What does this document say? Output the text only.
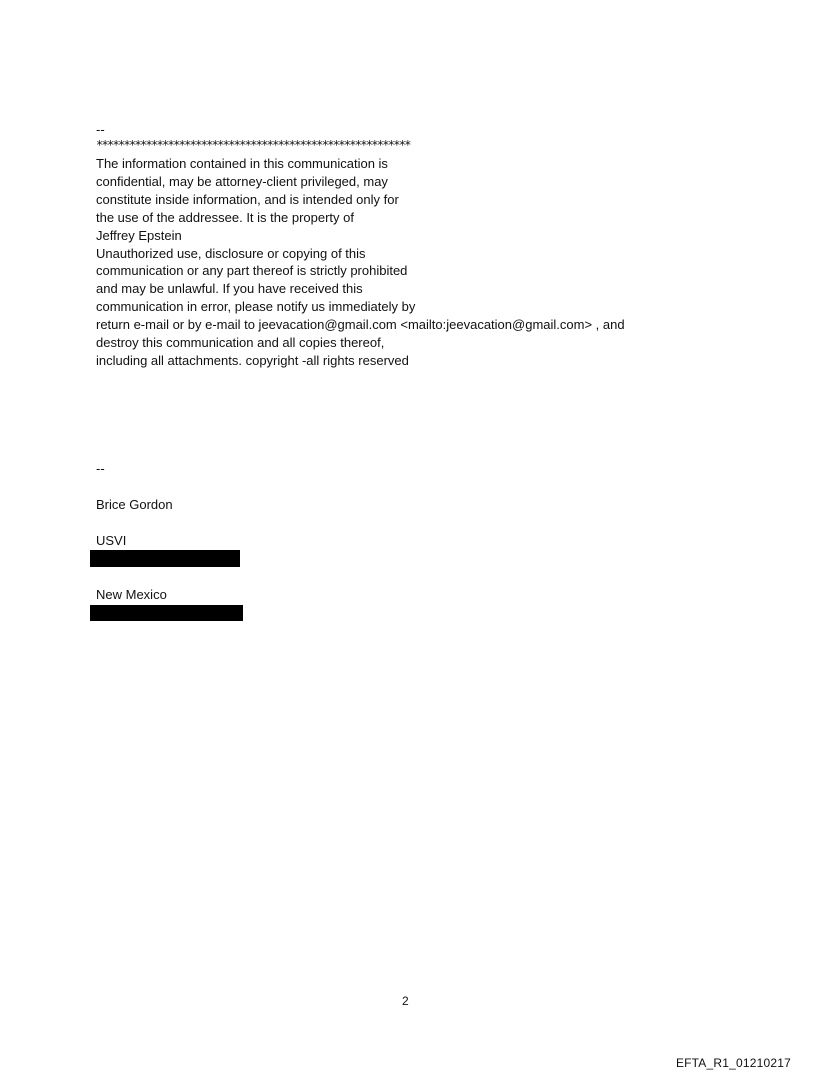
--
*********************************************************
The information contained in this communication is
confidential, may be attorney-client privileged, may
constitute inside information, and is intended only for
the use of the addressee. It is the property of
Jeffrey Epstein
Unauthorized use, disclosure or copying of this
communication or any part thereof is strictly prohibited
and may be unlawful. If you have received this
communication in error, please notify us immediately by
return e-mail or by e-mail to jeevacation@gmail.com <mailto:jeevacation@gmail.com> , and
destroy this communication and all copies thereof,
including all attachments. copyright -all rights reserved
--
Brice Gordon
USVI
New Mexico
2
EFTA_R1_01210217
